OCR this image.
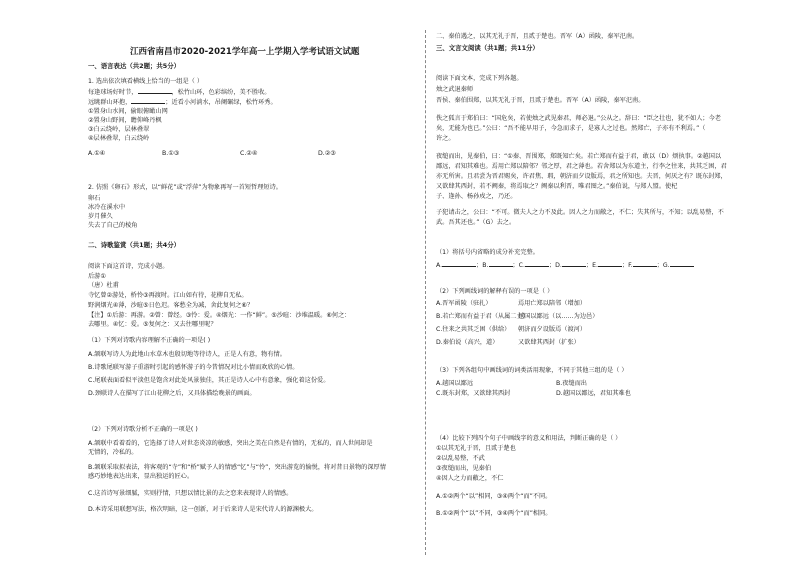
江西省南昌市2020-2021学年高一上学期入学考试语文试题
一、语言表达（共2题；共5分）
1. 选出依次填看横线上恰当的一组是（ ）
每逢球场好时节，	，松竹山环，色彩缤纷，美不胜收。
远眺群山环抱，	；近看小河淌水，吊阑碾绿，松竹环秀。
①置身山水间，偷眼俯瞰山网
②置身山野间，瞻仰峰丹枫
③白云绕岭，层林叠翠
④层林叠翠，白云绕岭
A.①④	B.①③	C.②④	D.②③
2. 仿照《卵石》形式，以“鲜花”或“浮萍”为物象再写一首短哲理短诗。
卵石
冰冷在溪水中
岁月催久
失去了自己的棱角
二、诗歌鉴赏（共1题；共4分）
阅读下面这首诗，完成小题。
后游①
（唐）杜甫
寺忆曾②游处，桥怜③再渡时。江山如有待，花柳自无私。
野润烟光④薄，沙暄⑤日色迟。客愁全为减，舍此复何之⑥？
【注】①后游：再游。②曾：曾经。③怜：爱。④烟光：一作“鲜”。⑤沙暄：沙堆温暖。⑥何之：
去哪里。④忆：爱。⑤复何之：又去往哪里呢？
（1）下列对诗歌内容理解不正确的一项是( )
A.颔联写诗人为此地山水草木也殷切地等待诗人，正是人有意，物有情。
B.诗歌尾联写游子重游时引起的感怀游子的今昔情况对比小情而欢欣的心情。
C.尾联表面看似平淡但是饱含对此处风景独佳，其正是诗人心中有意象，强化着这份爱。
D.颈联诗人在描写了江山花柳之后，又具体描绘晚景的画面。
（2）下列对诗歌分析不正确的一项是( )
A.颔联中看着看的，它选择了诗人对世态炎凉的敏感，突出之美在自然是有情的，无私的，而人世间却是
无情的，冷私的。
B.颔联采取拟表法，将客观的“寺”和“桥”赋予人的情感“忆”与“怜”，突出游览的愉悦，将对昔日景物的深厚情
感巧妙地表达出来，显出独运的匠心。
C.这首诗写景细腻，实则抒情，只想以情比景的去之恋来表现诗人的情感。
D.本诗采用联想写法，格次明暗，这一创新，对于后来诗人是宋代诗人的源渊极大。
二、秦伯遇之，以其无礼于晋，且贰于楚也。晋军（A）函陵，秦军氾南。
三、文言文阅读（共1题；共11分）
阅读下面文本，完成下列各题。
烛之武退秦师
晋侯、秦伯围郑，以其无礼于晋，且贰于楚也。晋军（A）函陵，秦军氾南。
佚之狐言于郑伯曰：“国危矣，若使烛之武见秦君，师必退。”公从之。辞曰：“臣之壮也，犹不如人；今老
矣，无能为也已。”公曰：“吾不能早用子，今急而求子，是寡人之过也。然郑亡，子亦有不利焉。”（
许之。
夜缒而出，见秦伯，曰：“①秦、晋围郑，郑既知亡矣。若亡郑而有益于君，敢以（D）烦执事。②越国以
鄙远，君知其难也。焉用亡郑以陪邻？邻之厚，君之薄也。若舍郑以为东道主，行李之往来，共其乏困，君
亦无所害。且君尝为晋君赐矣，许君焦、瑕，朝济而夕设版焉，君之所知也。夫晋，何厌之有？既东封郑，
又欲肆其西封，若不阙秦，将焉取之？阙秦以利晋，唯君图之。”秦伯说，与郑人盟。使杞
子、逢孙、杨孙戍之，乃还。
子犯请击之，公曰：“不可。微夫人之力不及此。因人之力而敝之，不仁；失其所与，不知；以乱易整，不
武。吾其还也。”（G）去之。
（1）将括号内省略的成分补充完整。
A.	；B.	；C.	；D.	；E.	；F.	；G.
（2）下列画线词的解释有误的一项是（ ）
A.晋军函陵（驻扎）	焉用亡郑以陪邻（增加）
B.若亡郑而有益于君（从属二主）越国以鄙远（以……为边邑）
C.往来之共其乏困（供给） 朝济而夕设版焉（渡河）
D.秦伯说（高兴，道）	又欲肆其西封（扩张）
（3）下列各组句中画线词的词类活用现象，不同于其他三组的是（ ）
A.越国以鄙远	B.夜缒而出
C.既东封郑，又欲肆其西封	D.越国以鄙远，君知其难也
（4）比较下列四个句子中画线字的意义和用法，判断正确的是（ ）
①以其无礼于晋，且贰于楚也
②以乱易整，不武
③夜缒而出，见秦伯
④因人之力而敝之，不仁
A.①②两个“以”相同，③④两个“而”不同。
B.①②两个“以”不同，③④两个“而”相同。
